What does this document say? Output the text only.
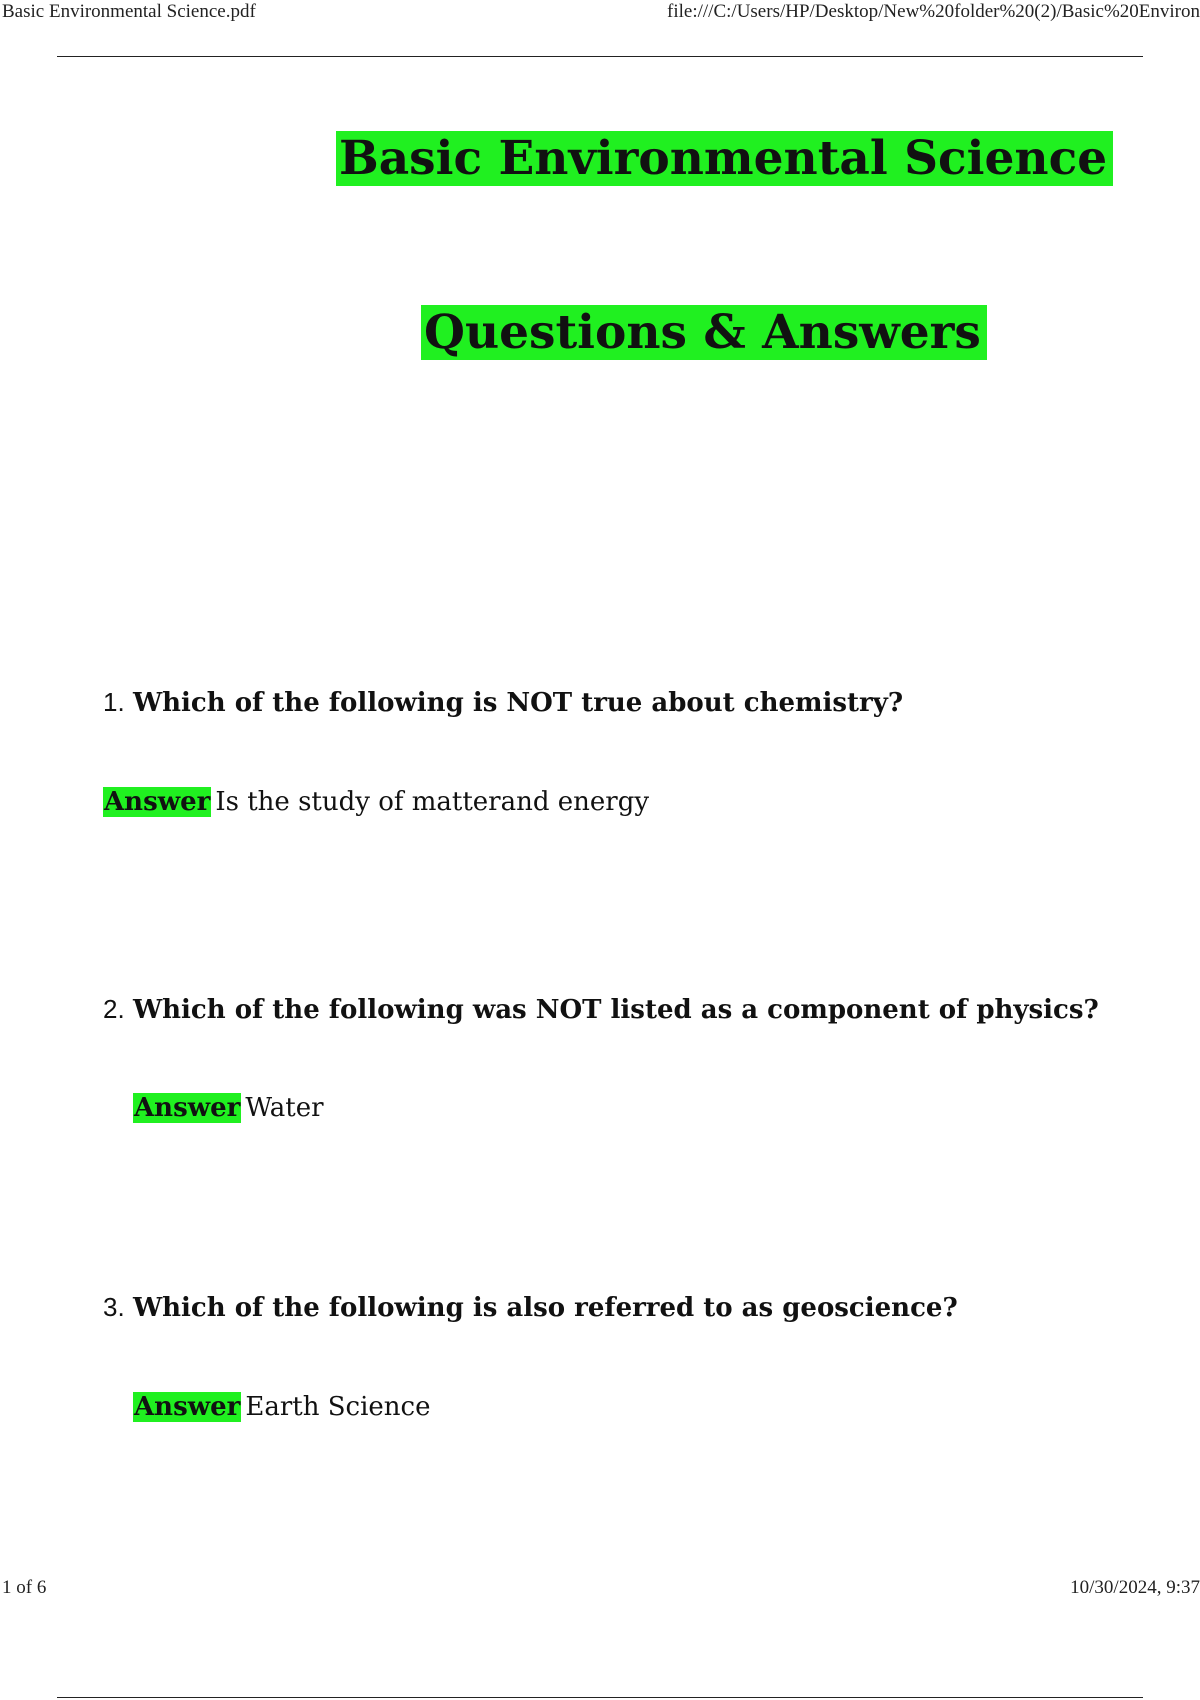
Basic Environmental Science.pdf	file:///C:/Users/HP/Desktop/New%20folder%20(2)/Basic%20Environ
Basic Environmental Science
Questions & Answers
1. Which of the following is NOT true about chemistry?
Answer Is the study of matterand energy
2. Which of the following was NOT listed as a component of physics?
Answer Water
3. Which of the following is also referred to as geoscience?
Answer Earth Science
1 of 6	10/30/2024, 9:37
